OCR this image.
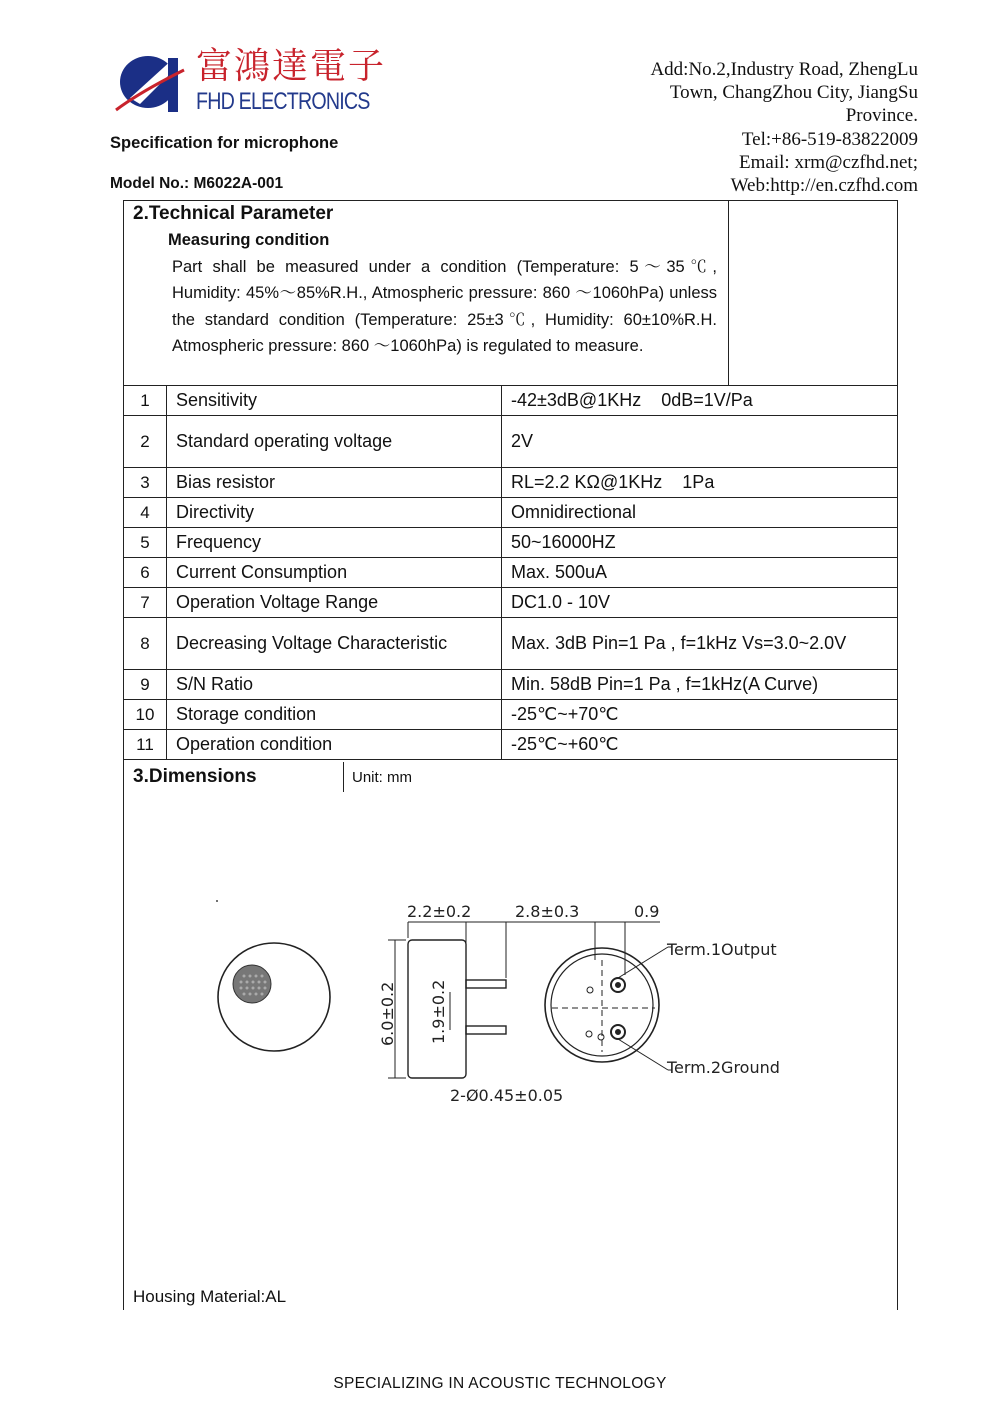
富鴻達電子
FHD ELECTRONICS
Add:No.2,Industry Road, ZhengLu
Town, ChangZhou City, JiangSu
Province.
Tel:+86-519-83822009
Email: xrm@czfhd.net;
Web:http://en.czfhd.com
Specification for microphone
Model No.: M6022A-001
2.Technical Parameter
Measuring condition
Part shall be measured under a condition (Temperature: 5～35℃, Humidity: 45%～85%R.H., Atmospheric pressure: 860 ～1060hPa) unless the standard condition (Temperature: 25±3℃, Humidity: 60±10%R.H. Atmospheric pressure: 860 ～1060hPa) is regulated to measure.
1	Sensitivity	-42±3dB@1KHz    0dB=1V/Pa
2	Standard operating voltage	2V
3	Bias resistor	RL=2.2 KΩ@1KHz    1Pa
4	Directivity	Omnidirectional
5	Frequency	50~16000HZ
6	Current Consumption	Max. 500uA
7	Operation Voltage Range	DC1.0 - 10V
8	Decreasing Voltage Characteristic	Max. 3dB Pin=1 Pa , f=1kHz Vs=3.0~2.0V
9	S/N Ratio	Min. 58dB Pin=1 Pa , f=1kHz(A Curve)
10	Storage condition	-25℃~+70℃
11	Operation condition	-25℃~+60℃
3.Dimensions	Unit: mm
2.2±0.2	2.8±0.3	0.9
6.0±0.2 1.9±0.2
2-Ø0.45±0.05
Term.1Output
Term.2Ground
Housing Material:AL
SPECIALIZING IN ACOUSTIC TECHNOLOGY
